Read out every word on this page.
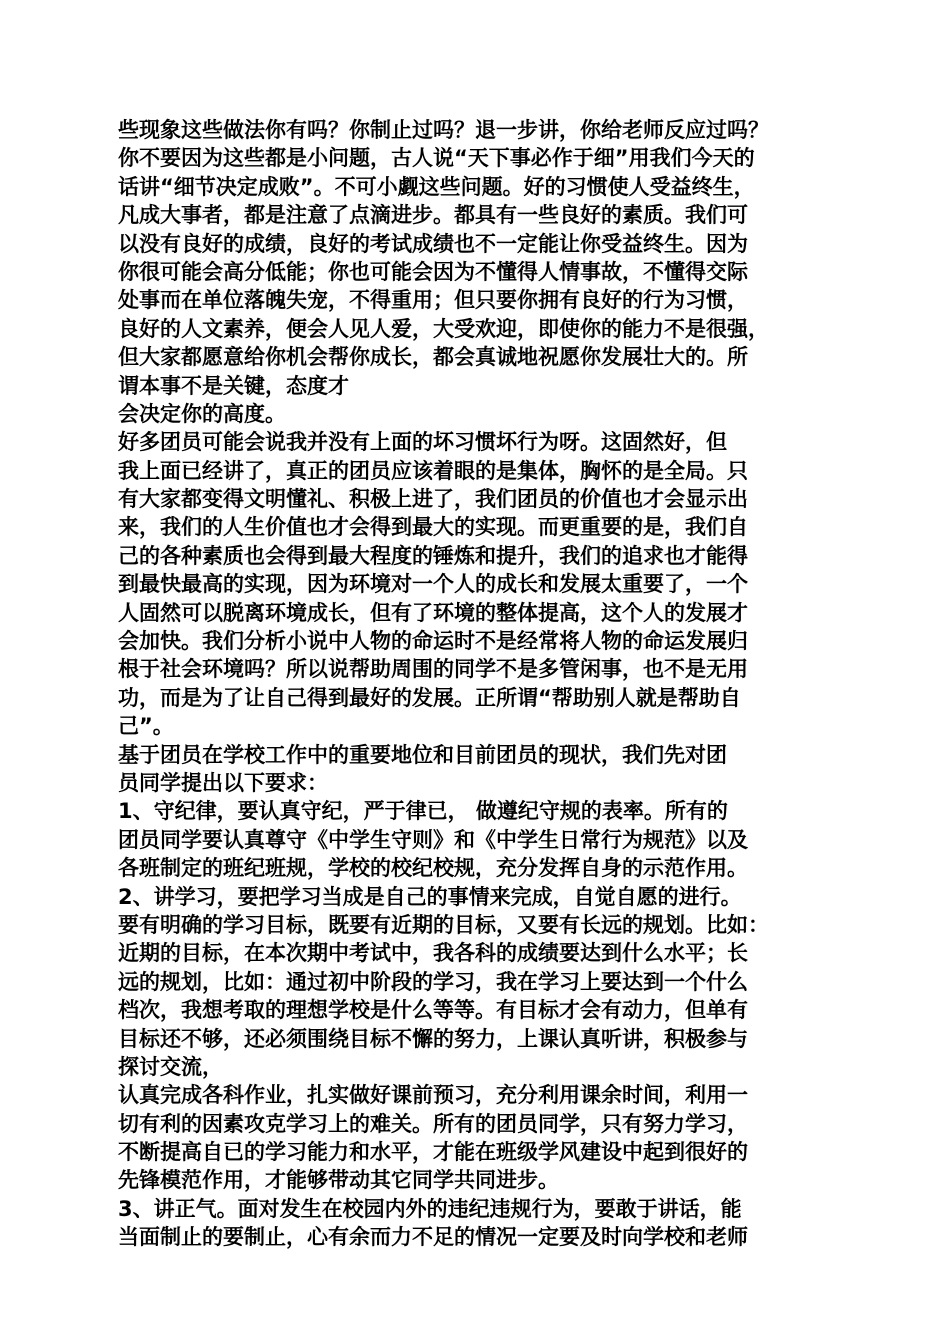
些现象这些做法你有吗？你制止过吗？退一步讲，你给老师反应过吗？
你不要因为这些都是小问题，古人说“天下事必作于细”用我们今天的
话讲“细节决定成败”。不可小觑这些问题。好的习惯使人受益终生，
凡成大事者，都是注意了点滴进步。都具有一些良好的素质。我们可
以没有良好的成绩，良好的考试成绩也不一定能让你受益终生。因为
你很可能会高分低能；你也可能会因为不懂得人情事故，不懂得交际
处事而在单位落魄失宠，不得重用；但只要你拥有良好的行为习惯，
良好的人文素养，便会人见人爱，大受欢迎，即使你的能力不是很强，
但大家都愿意给你机会帮你成长，都会真诚地祝愿你发展壮大的。所
谓本事不是关键，态度才
会决定你的高度。
好多团员可能会说我并没有上面的坏习惯坏行为呀。这固然好，但
我上面已经讲了，真正的团员应该着眼的是集体，胸怀的是全局。只
有大家都变得文明懂礼、积极上进了，我们团员的价值也才会显示出
来，我们的人生价值也才会得到最大的实现。而更重要的是，我们自
己的各种素质也会得到最大程度的锤炼和提升，我们的追求也才能得
到最快最高的实现，因为环境对一个人的成长和发展太重要了，一个
人固然可以脱离环境成长，但有了环境的整体提高，这个人的发展才
会加快。我们分析小说中人物的命运时不是经常将人物的命运发展归
根于社会环境吗？所以说帮助周围的同学不是多管闲事，也不是无用
功，而是为了让自己得到最好的发展。正所谓“帮助别人就是帮助自
己”。
基于团员在学校工作中的重要地位和目前团员的现状，我们先对团
员同学提出以下要求：
1、守纪律，要认真守纪，严于律已， 做遵纪守规的表率。所有的
团员同学要认真尊守《中学生守则》和《中学生日常行为规范》以及
各班制定的班纪班规，学校的校纪校规，充分发挥自身的示范作用。
2、讲学习，要把学习当成是自己的事情来完成，自觉自愿的进行。
要有明确的学习目标，既要有近期的目标，又要有长远的规划。比如：
近期的目标，在本次期中考试中，我各科的成绩要达到什么水平；长
远的规划，比如：通过初中阶段的学习，我在学习上要达到一个什么
档次，我想考取的理想学校是什么等等。有目标才会有动力，但单有
目标还不够，还必须围绕目标不懈的努力，上课认真听讲，积极参与
探讨交流，
认真完成各科作业，扎实做好课前预习，充分利用课余时间，利用一
切有利的因素攻克学习上的难关。所有的团员同学，只有努力学习，
不断提高自已的学习能力和水平，才能在班级学风建设中起到很好的
先锋模范作用，才能够带动其它同学共同进步。
3、讲正气。面对发生在校园内外的违纪违规行为，要敢于讲话，能
当面制止的要制止，心有余而力不足的情况一定要及时向学校和老师
